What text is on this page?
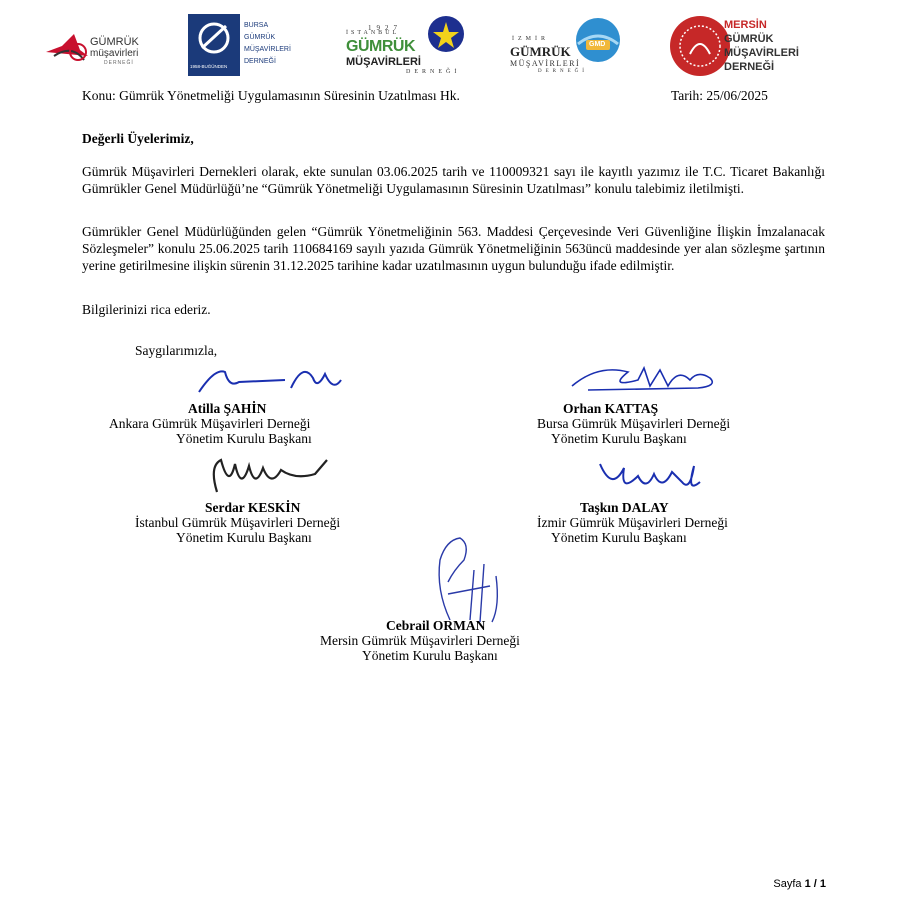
GÜMRÜK
müşavirleri
DERNEĞİ
1958-BUĞÜNDEN
BURSA
GÜMRÜK
MÜŞAVİRLERİ
DERNEĞİ
1927
İSTANBUL
GÜMRÜK
MÜŞAVİRLERİ
DERNEĞİ
GMD
İZMİR
GÜMRÜK
MÜŞAVİRLERİ
DERNEĞİ
MERSİN
GÜMRÜK
MÜŞAVİRLERİ
DERNEĞİ
Konu: Gümrük Yönetmeliği Uygulamasının Süresinin Uzatılması Hk.	Tarih: 25/06/2025
Değerli Üyelerimiz,
Gümrük Müşavirleri Dernekleri olarak, ekte sunulan 03.06.2025 tarih ve 110009321 sayı ile kayıtlı yazımız ile T.C. Ticaret Bakanlığı Gümrükler Genel Müdürlüğü’ne “Gümrük Yönetmeliği Uygulamasının Süresinin Uzatılması” konulu talebimiz iletilmişti.
Gümrükler Genel Müdürlüğünden gelen “Gümrük Yönetmeliğinin 563. Maddesi Çerçevesinde Veri Güvenliğine İlişkin İmzalanacak Sözleşmeler” konulu 25.06.2025 tarih 110684169 sayılı yazıda Gümrük Yönetmeliğinin 563üncü maddesinde yer alan sözleşme şartının yerine getirilmesine ilişkin sürenin 31.12.2025 tarihine kadar uzatılmasının uygun bulunduğu ifade edilmiştir.
Bilgilerinizi rica ederiz.
Saygılarımızla,
Atilla ŞAHİN
Ankara Gümrük Müşavirleri Derneği
Yönetim Kurulu Başkanı
Orhan KATTAŞ
Bursa Gümrük Müşavirleri Derneği
Yönetim Kurulu Başkanı
Serdar KESKİN
İstanbul Gümrük Müşavirleri Derneği
Yönetim Kurulu Başkanı
Taşkın DALAY
İzmir Gümrük Müşavirleri Derneği
Yönetim Kurulu Başkanı
Cebrail ORMAN
Mersin Gümrük Müşavirleri Derneği
Yönetim Kurulu Başkanı
Sayfa 1 / 1
